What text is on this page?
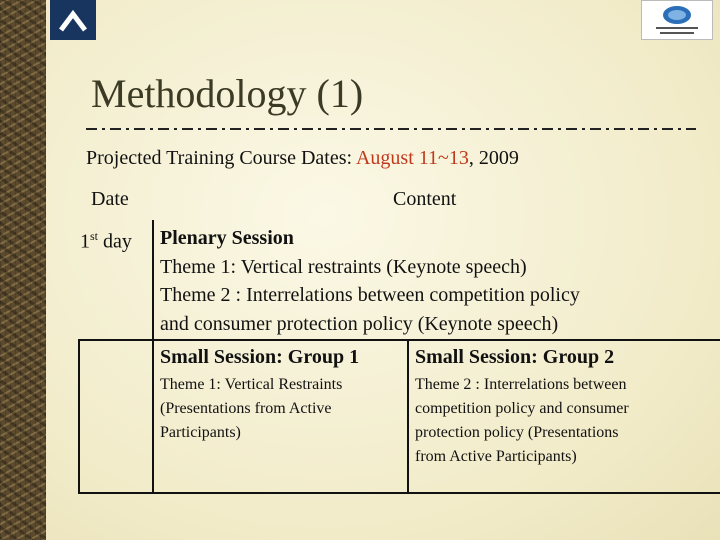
Methodology (1)
Projected Training Course Dates: August 11~13, 2009
Date	Content
1st day Plenary Session
Theme 1: Vertical restraints (Keynote speech)
Theme 2 : Interrelations between competition policy
and consumer protection policy (Keynote speech)
Small Session: Group 1
Theme 1: Vertical Restraints
(Presentations from Active
Participants)
Small Session: Group 2
Theme 2 : Interrelations between
competition policy and consumer
protection policy (Presentations
from Active Participants)
